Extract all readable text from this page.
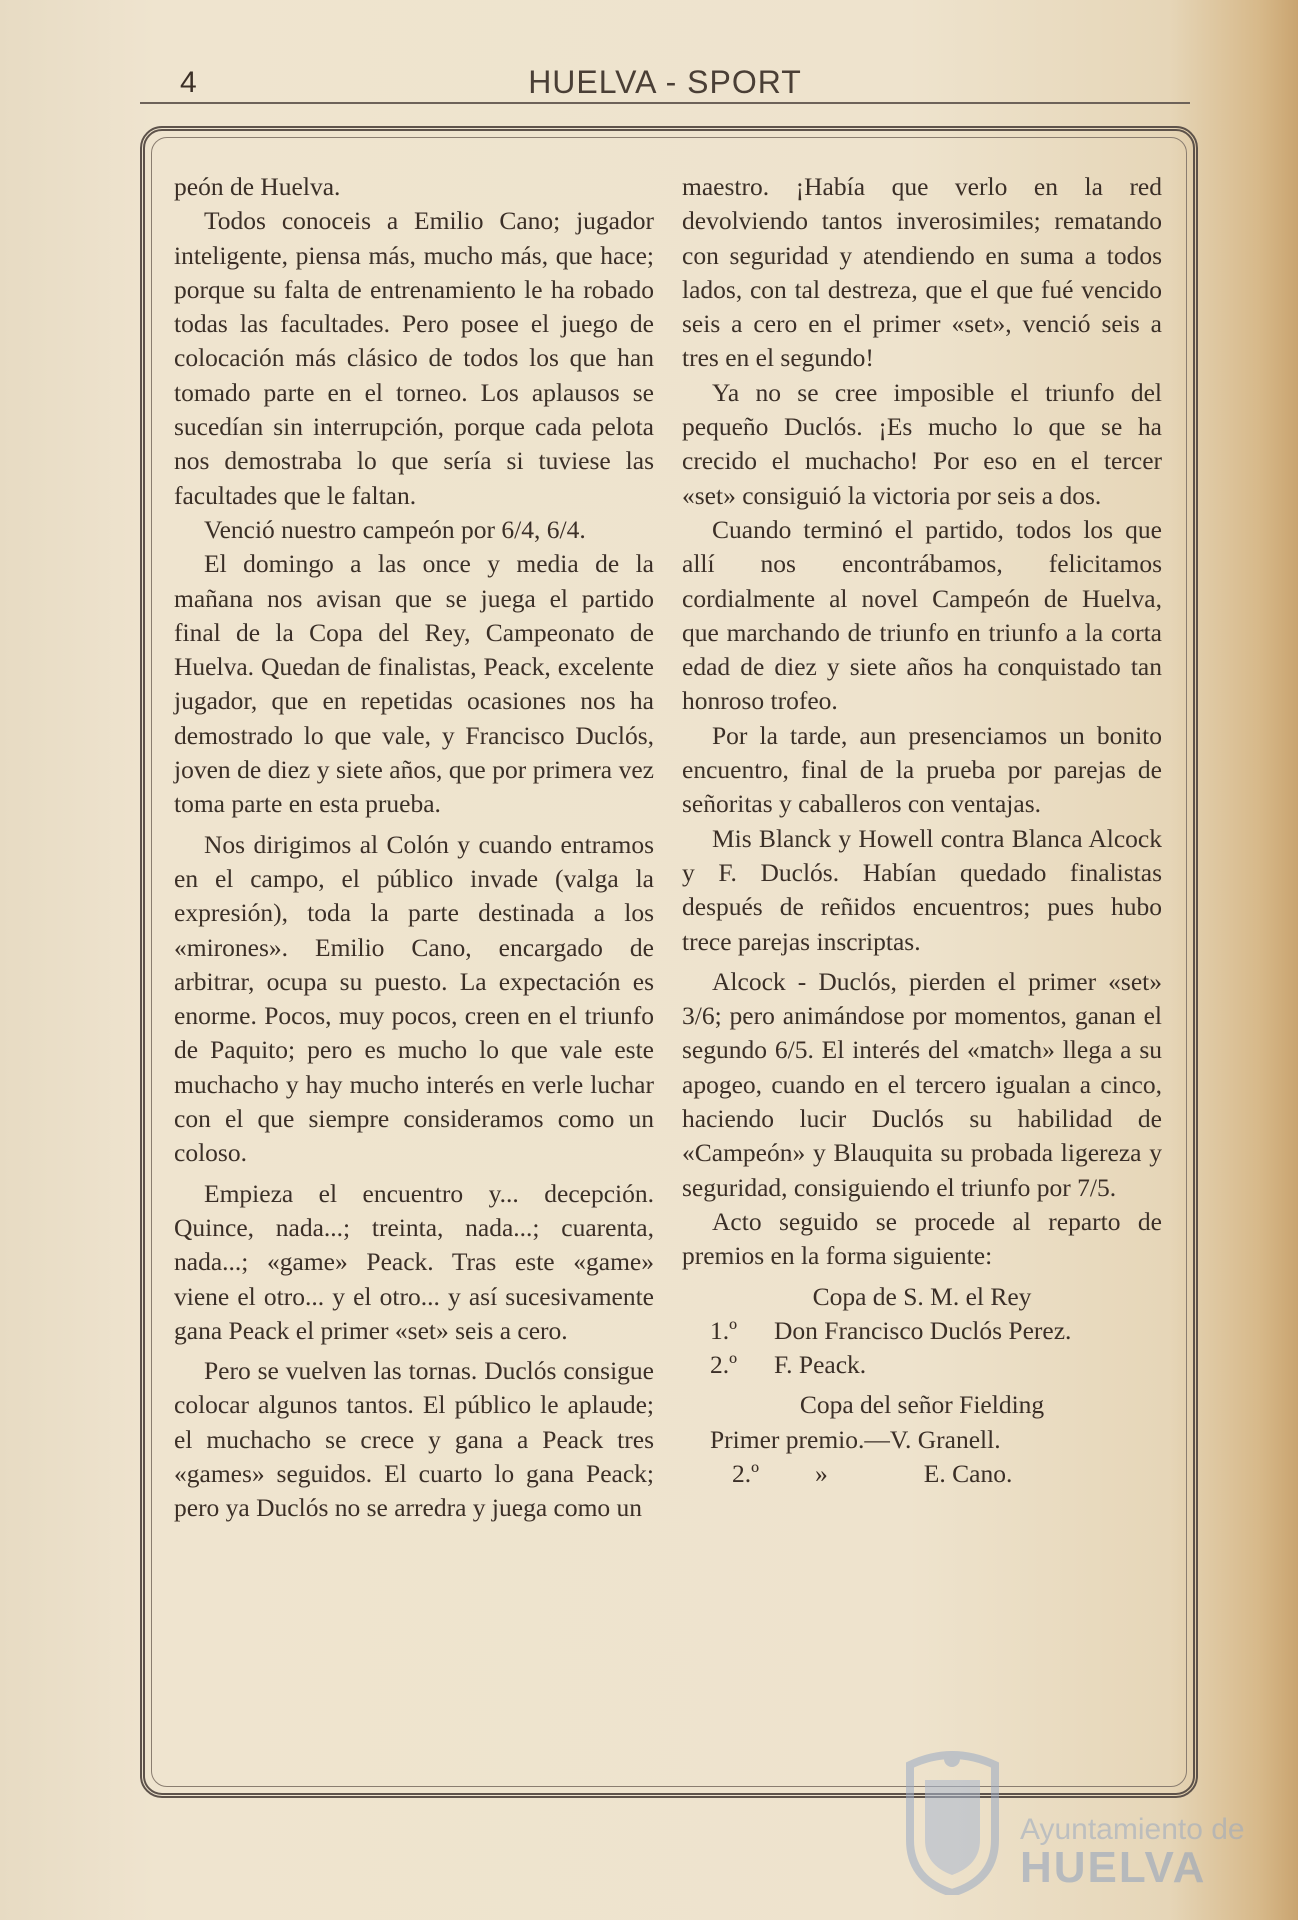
4	HUELVA - SPORT

peón de Huelva.

Todos conoceis a Emilio Cano; jugador inteligente, piensa más, mucho más, que hace; porque su falta de entrenamiento le ha robado todas las facultades. Pero posee el juego de colocación más clásico de todos los que han tomado parte en el torneo. Los aplausos se sucedían sin interrupción, porque cada pelota nos demostraba lo que sería si tuviese las facultades que le faltan.

Venció nuestro campeón por 6/4, 6/4.

El domingo a las once y media de la mañana nos avisan que se juega el partido final de la Copa del Rey, Campeonato de Huelva. Quedan de finalistas, Peack, excelente jugador, que en repetidas ocasiones nos ha demostrado lo que vale, y Francisco Duclós, joven de diez y siete años, que por primera vez toma parte en esta prueba.

Nos dirigimos al Colón y cuando entramos en el campo, el público invade (valga la expresión), toda la parte destinada a los «mirones». Emilio Cano, encargado de arbitrar, ocupa su puesto. La expectación es enorme. Pocos, muy pocos, creen en el triunfo de Paquito; pero es mucho lo que vale este muchacho y hay mucho interés en verle luchar con el que siempre consideramos como un coloso.

Empieza el encuentro y... decepción. Quince, nada...; treinta, nada...; cuarenta, nada...; «game» Peack. Tras este «game» viene el otro... y el otro... y así sucesivamente gana Peack el primer «set» seis a cero.

Pero se vuelven las tornas. Duclós consigue colocar algunos tantos. El público le aplaude; el muchacho se crece y gana a Peack tres «games» seguidos. El cuarto lo gana Peack; pero ya Duclós no se arredra y juega como un

maestro. ¡Había que verlo en la red devolviendo tantos inverosimiles; rematando con seguridad y atendiendo en suma a todos lados, con tal destreza, que el que fué vencido seis a cero en el primer «set», venció seis a tres en el segundo!

Ya no se cree imposible el triunfo del pequeño Duclós. ¡Es mucho lo que se ha crecido el muchacho! Por eso en el tercer «set» consiguió la victoria por seis a dos.

Cuando terminó el partido, todos los que allí nos encontrábamos, felicitamos cordialmente al novel Campeón de Huelva, que marchando de triunfo en triunfo a la corta edad de diez y siete años ha conquistado tan honroso trofeo.

Por la tarde, aun presenciamos un bonito encuentro, final de la prueba por parejas de señoritas y caballeros con ventajas.

Mis Blanck y Howell contra Blanca Alcock y F. Duclós. Habían quedado finalistas después de reñidos encuentros; pues hubo trece parejas inscriptas.

Alcock - Duclós, pierden el primer «set» 3/6; pero animándose por momentos, ganan el segundo 6/5. El interés del «match» llega a su apogeo, cuando en el tercero igualan a cinco, haciendo lucir Duclós su habilidad de «Campeón» y Blauquita su probada ligereza y seguridad, consiguiendo el triunfo por 7/5.

Acto seguido se procede al reparto de premios en la forma siguiente:

Copa de S. M. el Rey

1.º	Don Francisco Duclós Perez.
2.º	F. Peack.

Copa del señor Fielding

Primer premio.—V. Granell.

2.º »	E. Cano.
Ayuntamiento de
HUELVA
